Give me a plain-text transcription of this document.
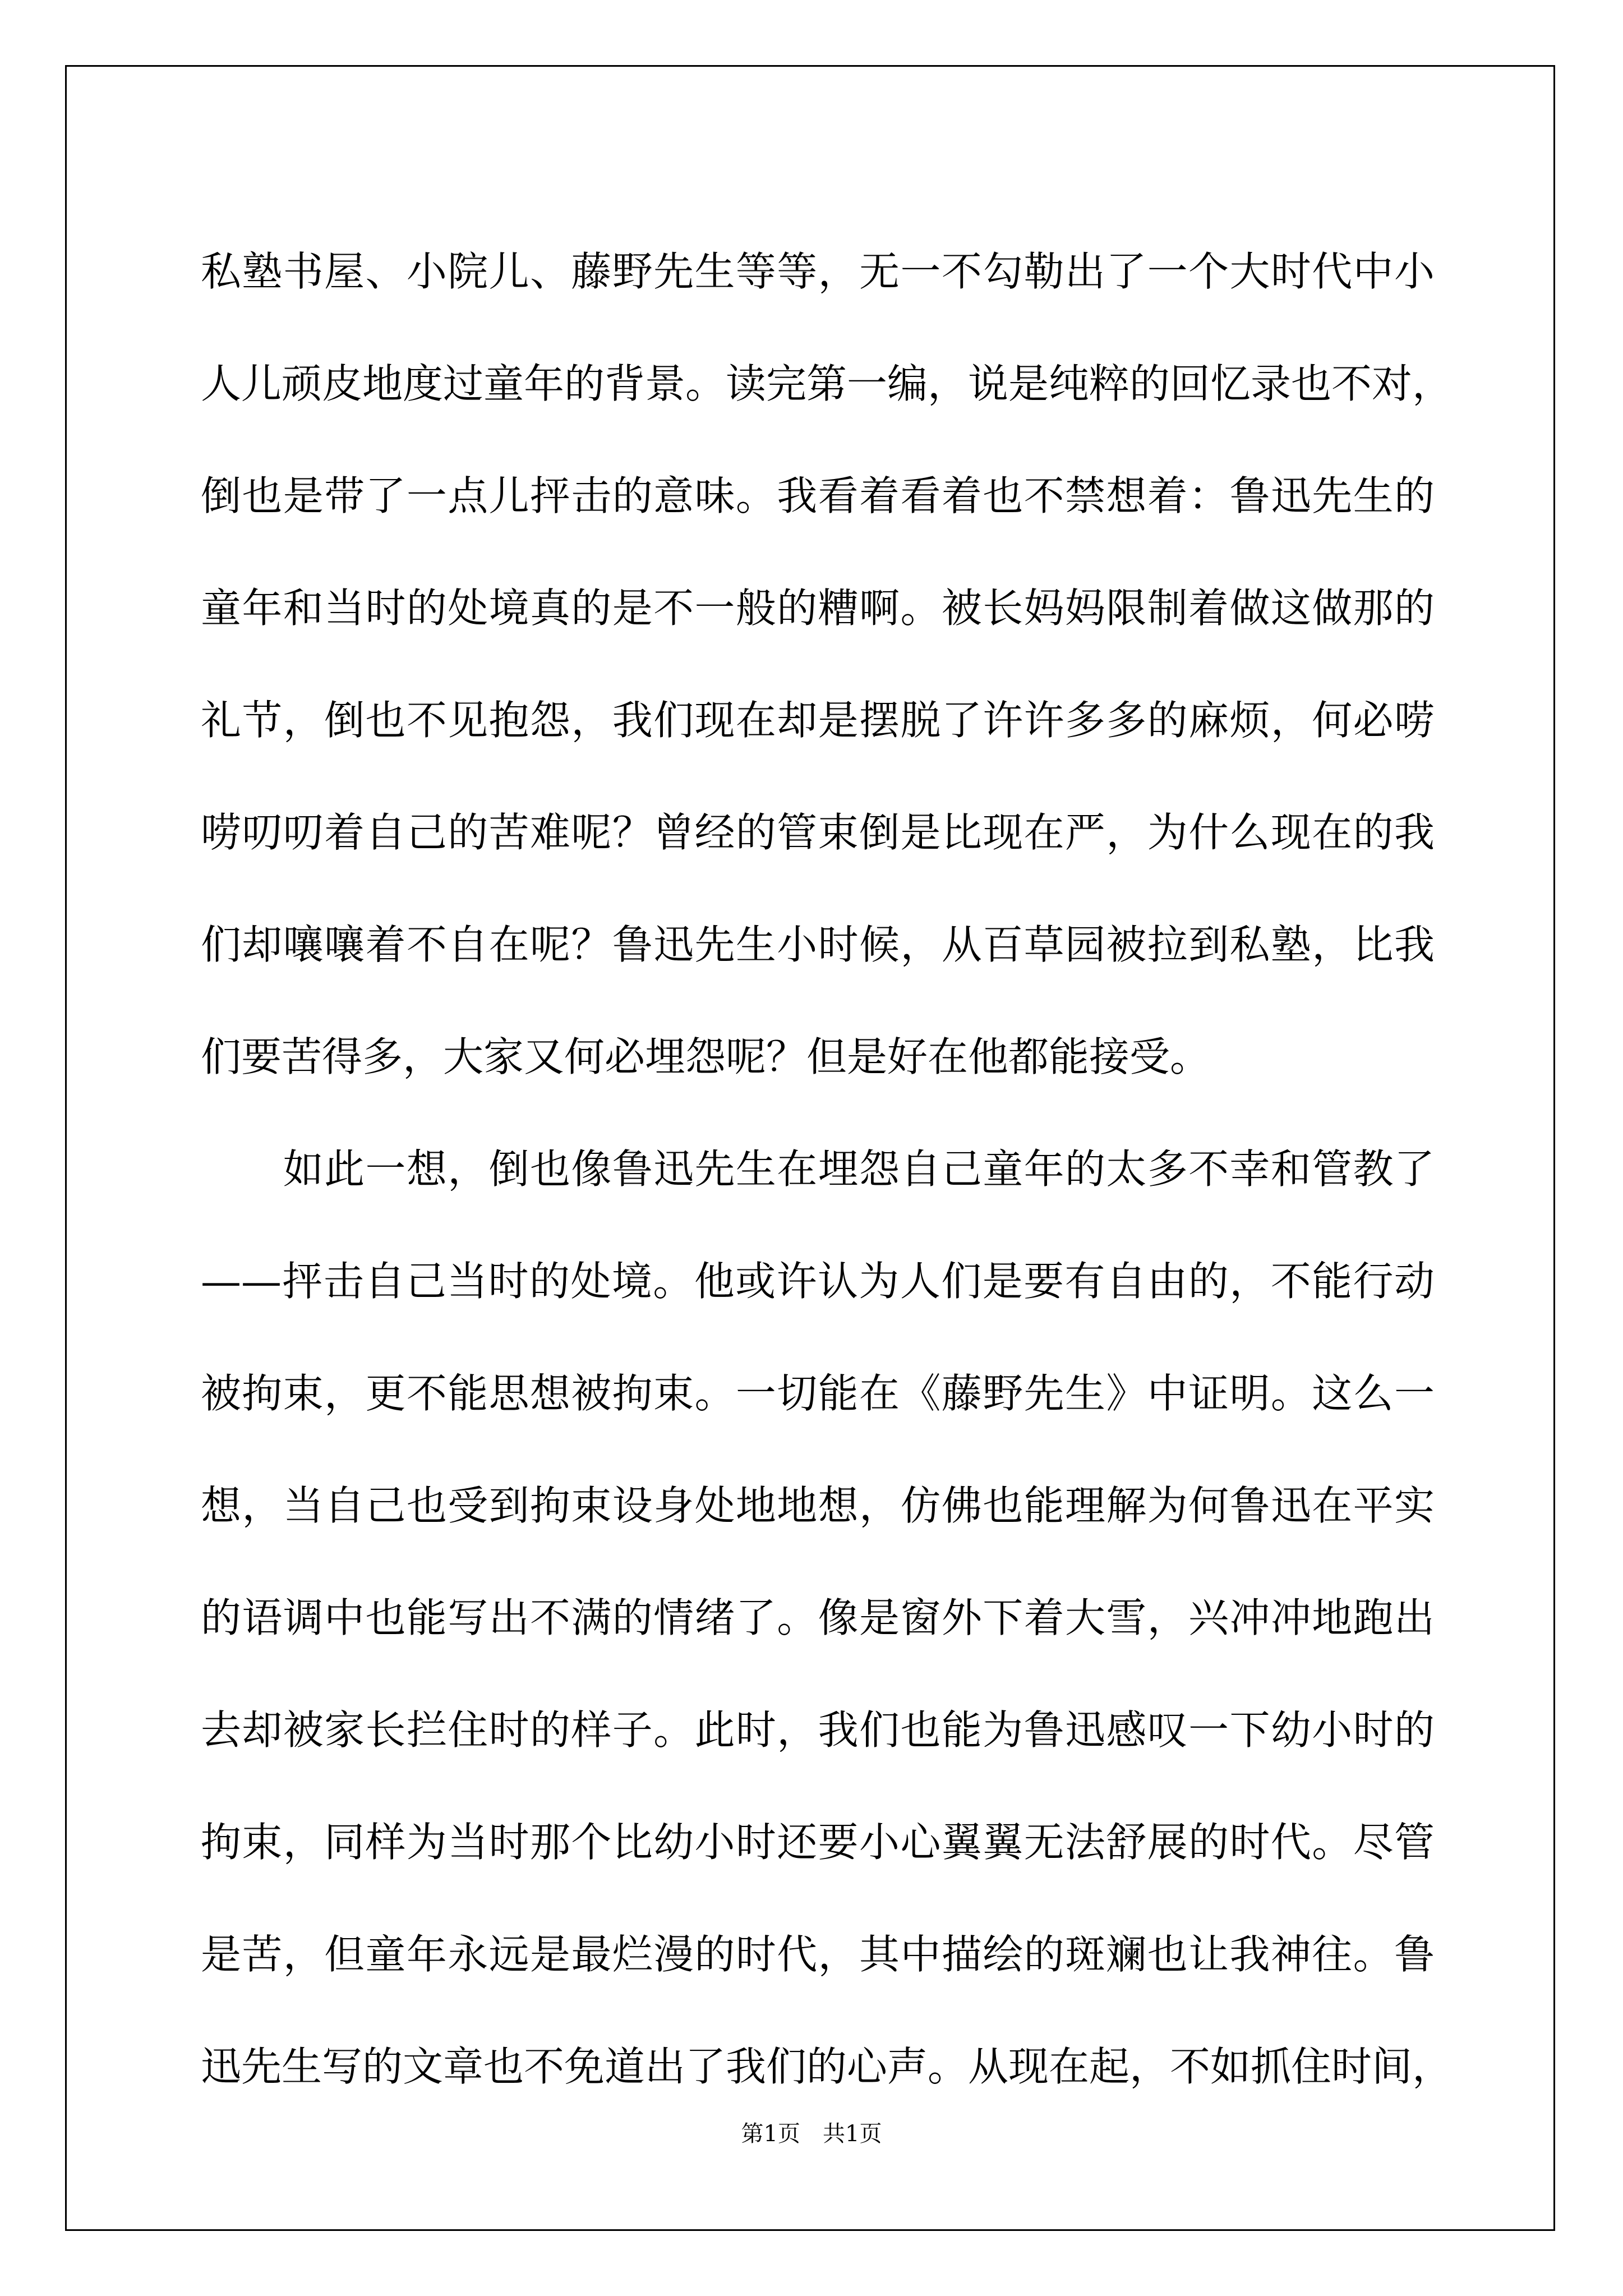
私塾书屋、小院儿、藤野先生等等，无一不勾勒出了一个大时代中小
人儿顽皮地度过童年的背景。读完第一编，说是纯粹的回忆录也不对，
倒也是带了一点儿抨击的意味。我看着看着也不禁想着：鲁迅先生的
童年和当时的处境真的是不一般的糟啊。被长妈妈限制着做这做那的
礼节，倒也不见抱怨，我们现在却是摆脱了许许多多的麻烦，何必唠
唠叨叨着自己的苦难呢？曾经的管束倒是比现在严，为什么现在的我
们却嚷嚷着不自在呢？鲁迅先生小时候，从百草园被拉到私塾，比我
们要苦得多，大家又何必埋怨呢？但是好在他都能接受。
　　如此一想，倒也像鲁迅先生在埋怨自己童年的太多不幸和管教了
——抨击自己当时的处境。他或许认为人们是要有自由的，不能行动
被拘束，更不能思想被拘束。一切能在《藤野先生》中证明。这么一
想，当自己也受到拘束设身处地地想，仿佛也能理解为何鲁迅在平实
的语调中也能写出不满的情绪了。像是窗外下着大雪，兴冲冲地跑出
去却被家长拦住时的样子。此时，我们也能为鲁迅感叹一下幼小时的
拘束，同样为当时那个比幼小时还要小心翼翼无法舒展的时代。尽管
是苦，但童年永远是最烂漫的时代，其中描绘的斑斓也让我神往。鲁
迅先生写的文章也不免道出了我们的心声。从现在起，不如抓住时间，
第1页　共1页
